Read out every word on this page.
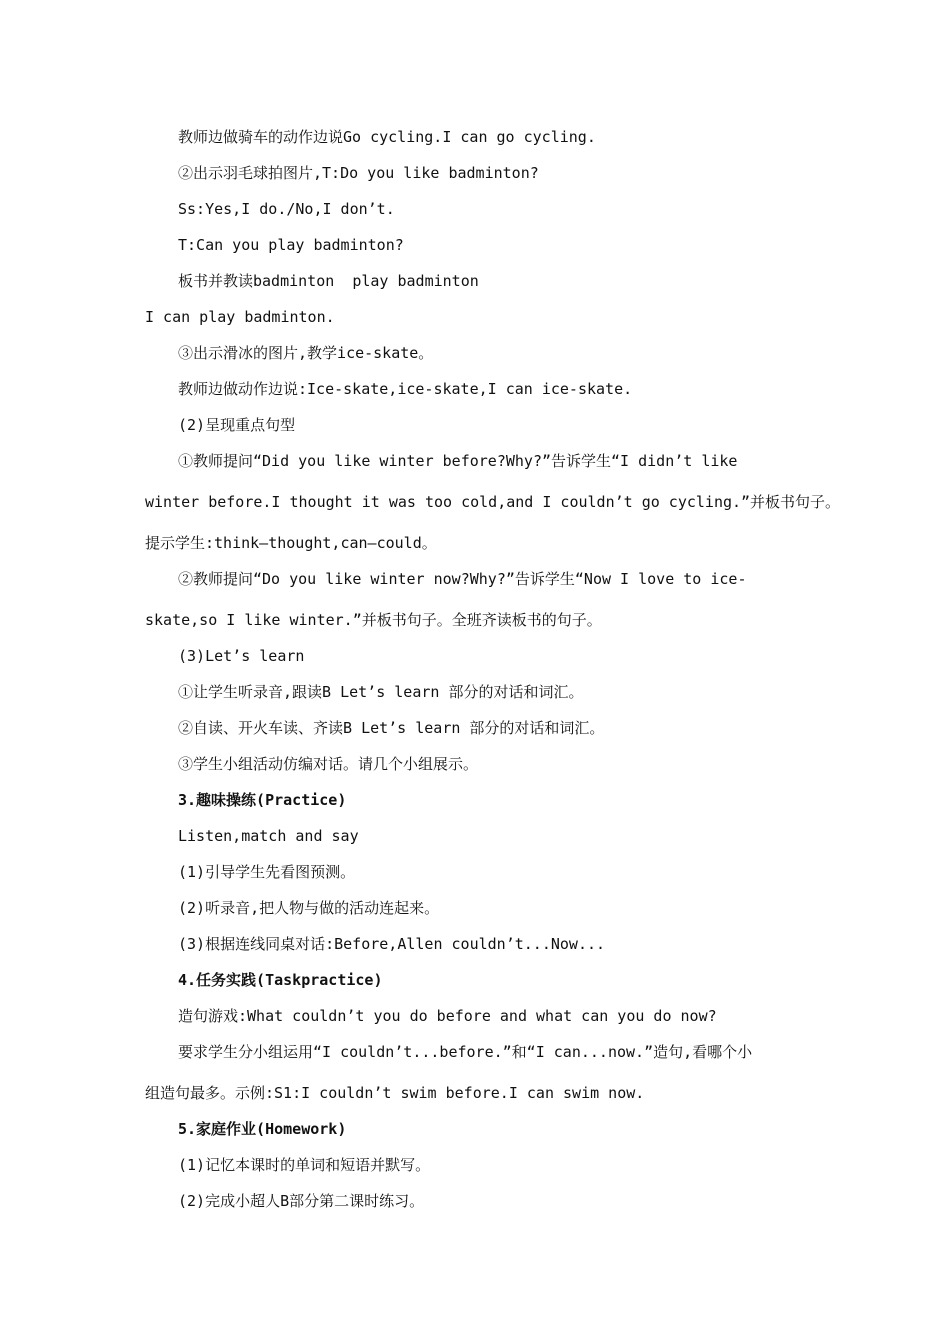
教师边做骑车的动作边说Go cycling.I can go cycling.

②出示羽毛球拍图片,T:Do you like badminton?

Ss:Yes,I do./No,I don’t.

T:Can you play badminton?

板书并教读badminton  play badminton

I can play badminton.

③出示滑冰的图片,教学ice-skate。

教师边做动作边说:Ice-skate,ice-skate,I can ice-skate.

(2)呈现重点句型

①教师提问“Did you like winter before?Why?”告诉学生“I didn’t like

winter before.I thought it was too cold,and I couldn’t go cycling.”并板书句子。

提示学生:think—thought,can—could。

②教师提问“Do you like winter now?Why?”告诉学生“Now I love to ice-

skate,so I like winter.”并板书句子。全班齐读板书的句子。

(3)Let’s learn

①让学生听录音,跟读B Let’s learn 部分的对话和词汇。

②自读、开火车读、齐读B Let’s learn 部分的对话和词汇。

③学生小组活动仿编对话。请几个小组展示。

3.趣味操练(Practice)

Listen,match and say

(1)引导学生先看图预测。

(2)听录音,把人物与做的活动连起来。

(3)根据连线同桌对话:Before,Allen couldn’t...Now...

4.任务实践(Taskpractice)

造句游戏:What couldn’t you do before and what can you do now?

要求学生分小组运用“I couldn’t...before.”和“I can...now.”造句,看哪个小

组造句最多。示例:S1:I couldn’t swim before.I can swim now.

5.家庭作业(Homework)

(1)记忆本课时的单词和短语并默写。

(2)完成小超人B部分第二课时练习。
